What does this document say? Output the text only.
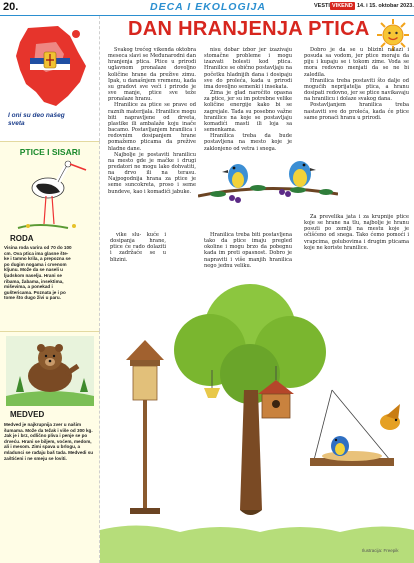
20.	DECA I EKOLOGIJA	VESTI VIKEND 14. i 15. oktobar 2023.
I oni su deo našeg sveta
PTICE I SISARI
RODA
Visina roda varira od 70 do 100 cm. Ova ptica ima glasne šte- ke i tamno krila, a prepozna se po dugim nogama i crvenom kljunu. Može da se naseli u ljudskom naselju. Hrani se ribama, žabama, insektima, miševima, a ponekad i guštericama. Poznata je i po tome što dugo živi u paru.
MEDVED
Medved je najkrupnija zver u našim šumama. Može da težak i više od 300 kg. Jak je i brz, odlično pliva i penje se po drveću. Hrani se biljem, voćem, medom, ali i mesom. Zimi spava u brlogu, a mladunci se rađaju baš tada. Medvedi su zaštićeni i ne smeju se loviti.
DAN HRANJENJA PTICA

Svakog trećeg vikenda oktobra meseca slavi se Međunarodni dan hranjenja ptica. Ptice u prirodi uglavnom pronalaze dovoljno količine hrane da preživе zimu. Ipak, u današnjem vremenu, kada su gradovi sve veći i prirode je sve manje, ptice sve teže pronalaze hranu.

Hranilice za ptice se prave od raznih materijala. Hranilice mogu biti napravljene od drveta, plastike ili ambalaže koju inače bacamo. Postavljanjem hranilica i redovnim dosipanjem hrane pomažemo pticama da prežive hladne dane.

Najbolje je postaviti hranilicu na mesto gde je mačke i drugi predatori ne mogu lako dohvatiti, na drvo ili na terasu. Najpogodnija hrana za ptice je seme suncokreta, proso i seme bundeve, kao i komadići jabuke.

nisu dobar izbor jer izazivaju stomačne probleme i mogu izazvati bolesti kod ptica. Hranilice se obično postavljaju na početku hladnijih dana i dosipaju sve do proleća, kada u prirodi ima dovoljno semenki i insekata.

Zima je glad naročito opasna za ptice, jer su im potrebne velike količine energije kako bi se zagrejale. Tada su posebno važne hranilice na koje se postavljaju komadići masti ili loja sa semenkama.

Hranilica treba da bude postavljena na mesto koje je zaklonjeno od vetra i snega.

Dobro je da se u blizini nalazi i posuda sa vodom, jer ptice moraju da piju i kupaju se i tokom zime. Voda se mora redovno menjati da se ne bi zaledila.

Hranilica treba postaviti što dalje od mogućih neprijatelja ptica, a hranu dosipati redovno, jer se ptice navikavaju na hranilicu i dolaze svakog dana.

Postavljanjem hranilica treba nastaviti sve do proleća, kada će ptice same pronaći hranu u prirodi.

vike slu- kuće i dosipanja hrane, ptice će rado dolaziti i zadržaće se u blizini.

Hranilica treba biti postavljena tako da ptice imaju pregled okoline i mogu brzo da pobegnu kada im preti opasnost. Dobro je napraviti i više manjih hranilica nego jednu veliku.

Za prevelika jata i za krupnije ptice koje se hrane na tlu, najbolje je hranu posuti po zemlji na mestu koje je očišćeno od snega. Tako ćemo pomoći i vrapcima, golubovima i drugim pticama koje ne koriste hranilice.

Ilustracija: Freepik
